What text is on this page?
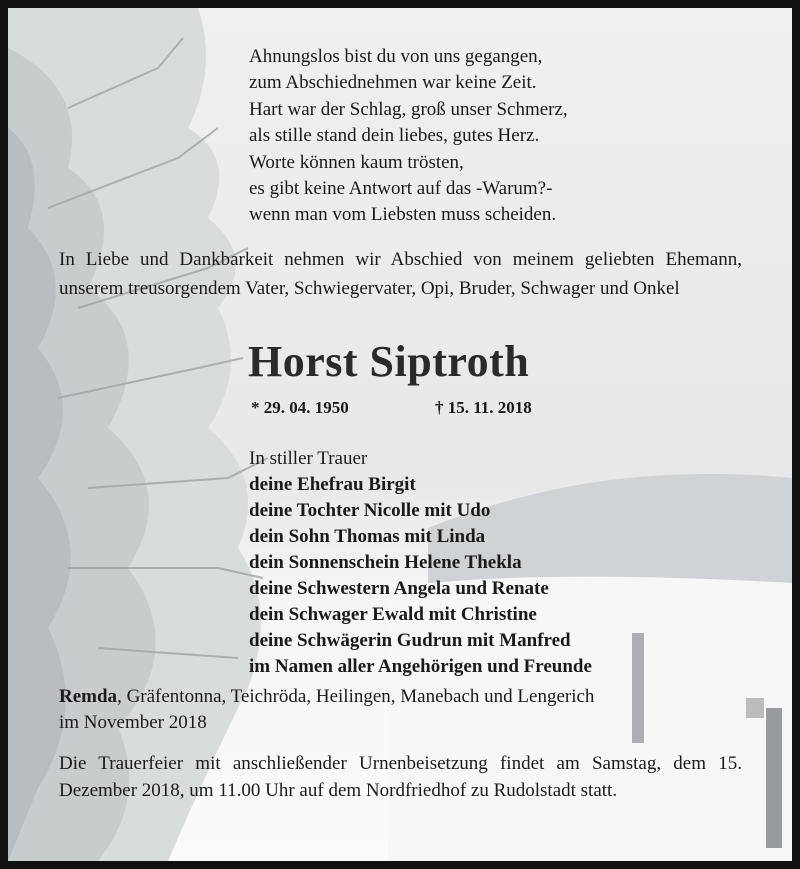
Ahnungslos bist du von uns gegangen,
zum Abschiednehmen war keine Zeit.
Hart war der Schlag, groß unser Schmerz,
als stille stand dein liebes, gutes Herz.
Worte können kaum trösten,
es gibt keine Antwort auf das -Warum?-
wenn man vom Liebsten muss scheiden.
In Liebe und Dankbarkeit nehmen wir Abschied von meinem geliebten Ehemann, unserem treusorgendem Vater, Schwiegervater, Opi, Bruder, Schwager und Onkel
Horst Siptroth
* 29. 04. 1950	† 15. 11. 2018
In stiller Trauer
deine Ehefrau Birgit
deine Tochter Nicolle mit Udo
dein Sohn Thomas mit Linda
dein Sonnenschein Helene Thekla
deine Schwestern Angela und Renate
dein Schwager Ewald mit Christine
deine Schwägerin Gudrun mit Manfred
im Namen aller Angehörigen und Freunde
Remda, Gräfentonna, Teichröda, Heilingen, Manebach und Lengerich
im November 2018
Die Trauerfeier mit anschließender Urnenbeisetzung findet am Samstag, dem 15. Dezember 2018, um 11.00 Uhr auf dem Nordfriedhof zu Rudolstadt statt.
